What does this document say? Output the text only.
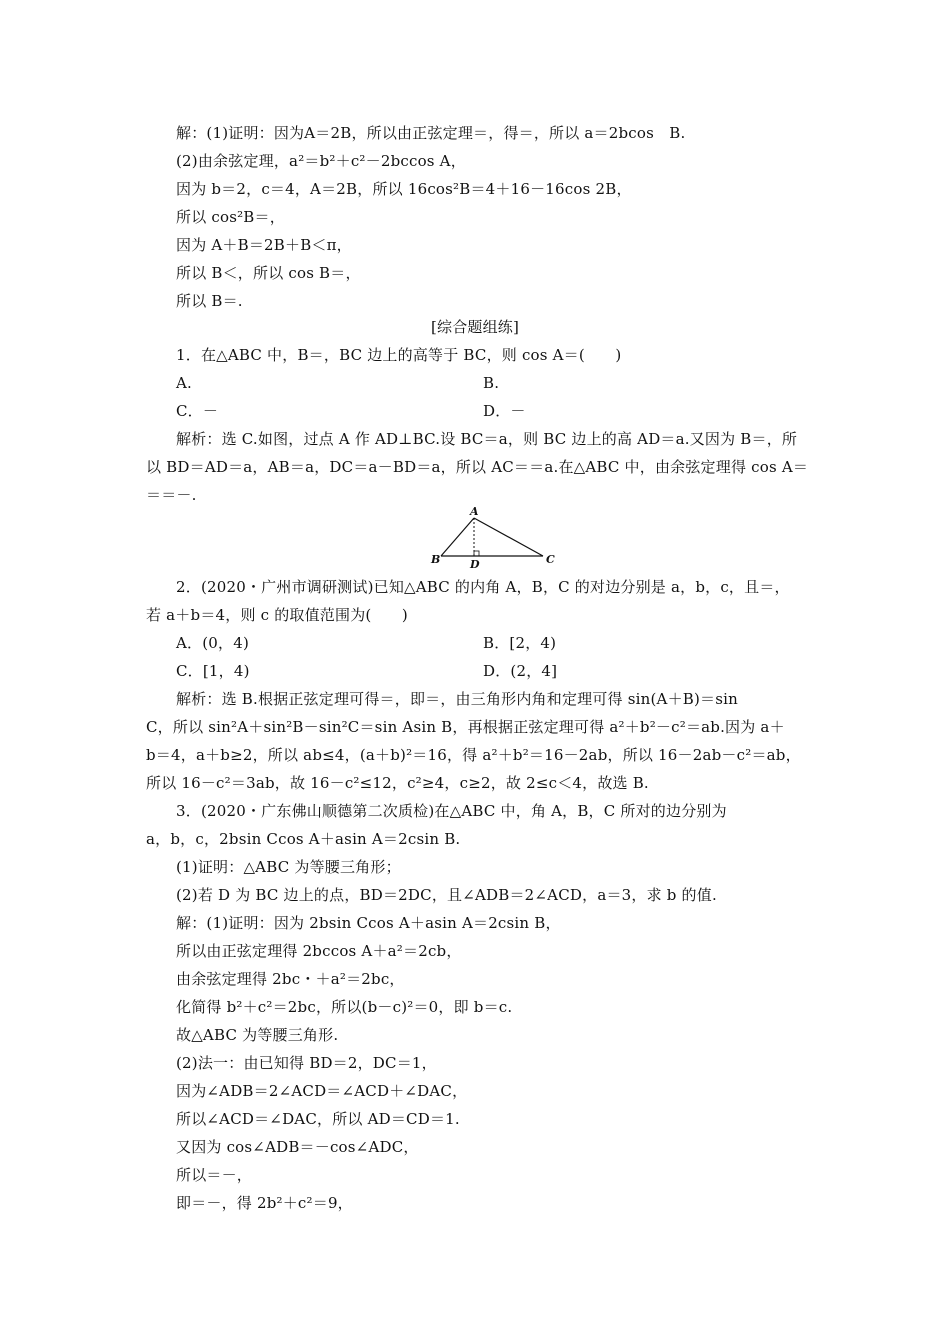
解：(1)证明：因为A＝2B，所以由正弦定理＝，得＝，所以 a＝2bcos　B.
(2)由余弦定理，a²＝b²＋c²－2bccos A，
因为 b＝2，c＝4，A＝2B，所以 16cos²B＝4＋16－16cos 2B，
所以 cos²B＝，
因为 A＋B＝2B＋B＜π，
所以 B＜，所以 cos B＝，
所以 B＝.
[综合题组练]
1．在△ABC 中，B＝，BC 边上的高等于 BC，则 cos A＝(　　)
A.	B.
C．－	D．－
解析：选 C.如图，过点 A 作 AD⊥BC.设 BC＝a，则 BC 边上的高 AD＝a.又因为 B＝，所
以 BD＝AD＝a，AB＝a，DC＝a－BD＝a，所以 AC＝＝a.在△ABC 中，由余弦定理得 cos A＝
＝＝－.
A
B	D	C
2．(2020・广州市调研测试)已知△ABC 的内角 A，B，C 的对边分别是 a，b，c，且＝，
若 a＋b＝4，则 c 的取值范围为(　　)
A．(0，4)	B．[2，4)
C．[1，4)	D．(2，4]
解析：选 B.根据正弦定理可得＝，即＝，由三角形内角和定理可得 sin(A＋B)＝sin
C，所以 sin²A＋sin²B－sin²C＝sin Asin B，再根据正弦定理可得 a²＋b²－c²＝ab.因为 a＋
b＝4，a＋b≥2，所以 ab≤4，(a＋b)²＝16，得 a²＋b²＝16－2ab，所以 16－2ab－c²＝ab，
所以 16－c²＝3ab，故 16－c²≤12，c²≥4，c≥2，故 2≤c＜4，故选 B.
3．(2020・广东佛山顺德第二次质检)在△ABC 中，角 A，B，C 所对的边分别为
a，b，c，2bsin Ccos A＋asin A＝2csin B.
(1)证明：△ABC 为等腰三角形；
(2)若 D 为 BC 边上的点，BD＝2DC，且∠ADB＝2∠ACD，a＝3，求 b 的值.
解：(1)证明：因为 2bsin Ccos A＋asin A＝2csin B，
所以由正弦定理得 2bccos A＋a²＝2cb，
由余弦定理得 2bc・＋a²＝2bc，
化简得 b²＋c²＝2bc，所以(b－c)²＝0，即 b＝c.
故△ABC 为等腰三角形.
(2)法一：由已知得 BD＝2，DC＝1，
因为∠ADB＝2∠ACD＝∠ACD＋∠DAC，
所以∠ACD＝∠DAC，所以 AD＝CD＝1.
又因为 cos∠ADB＝－cos∠ADC，
所以＝－，
即＝－，得 2b²＋c²＝9，
